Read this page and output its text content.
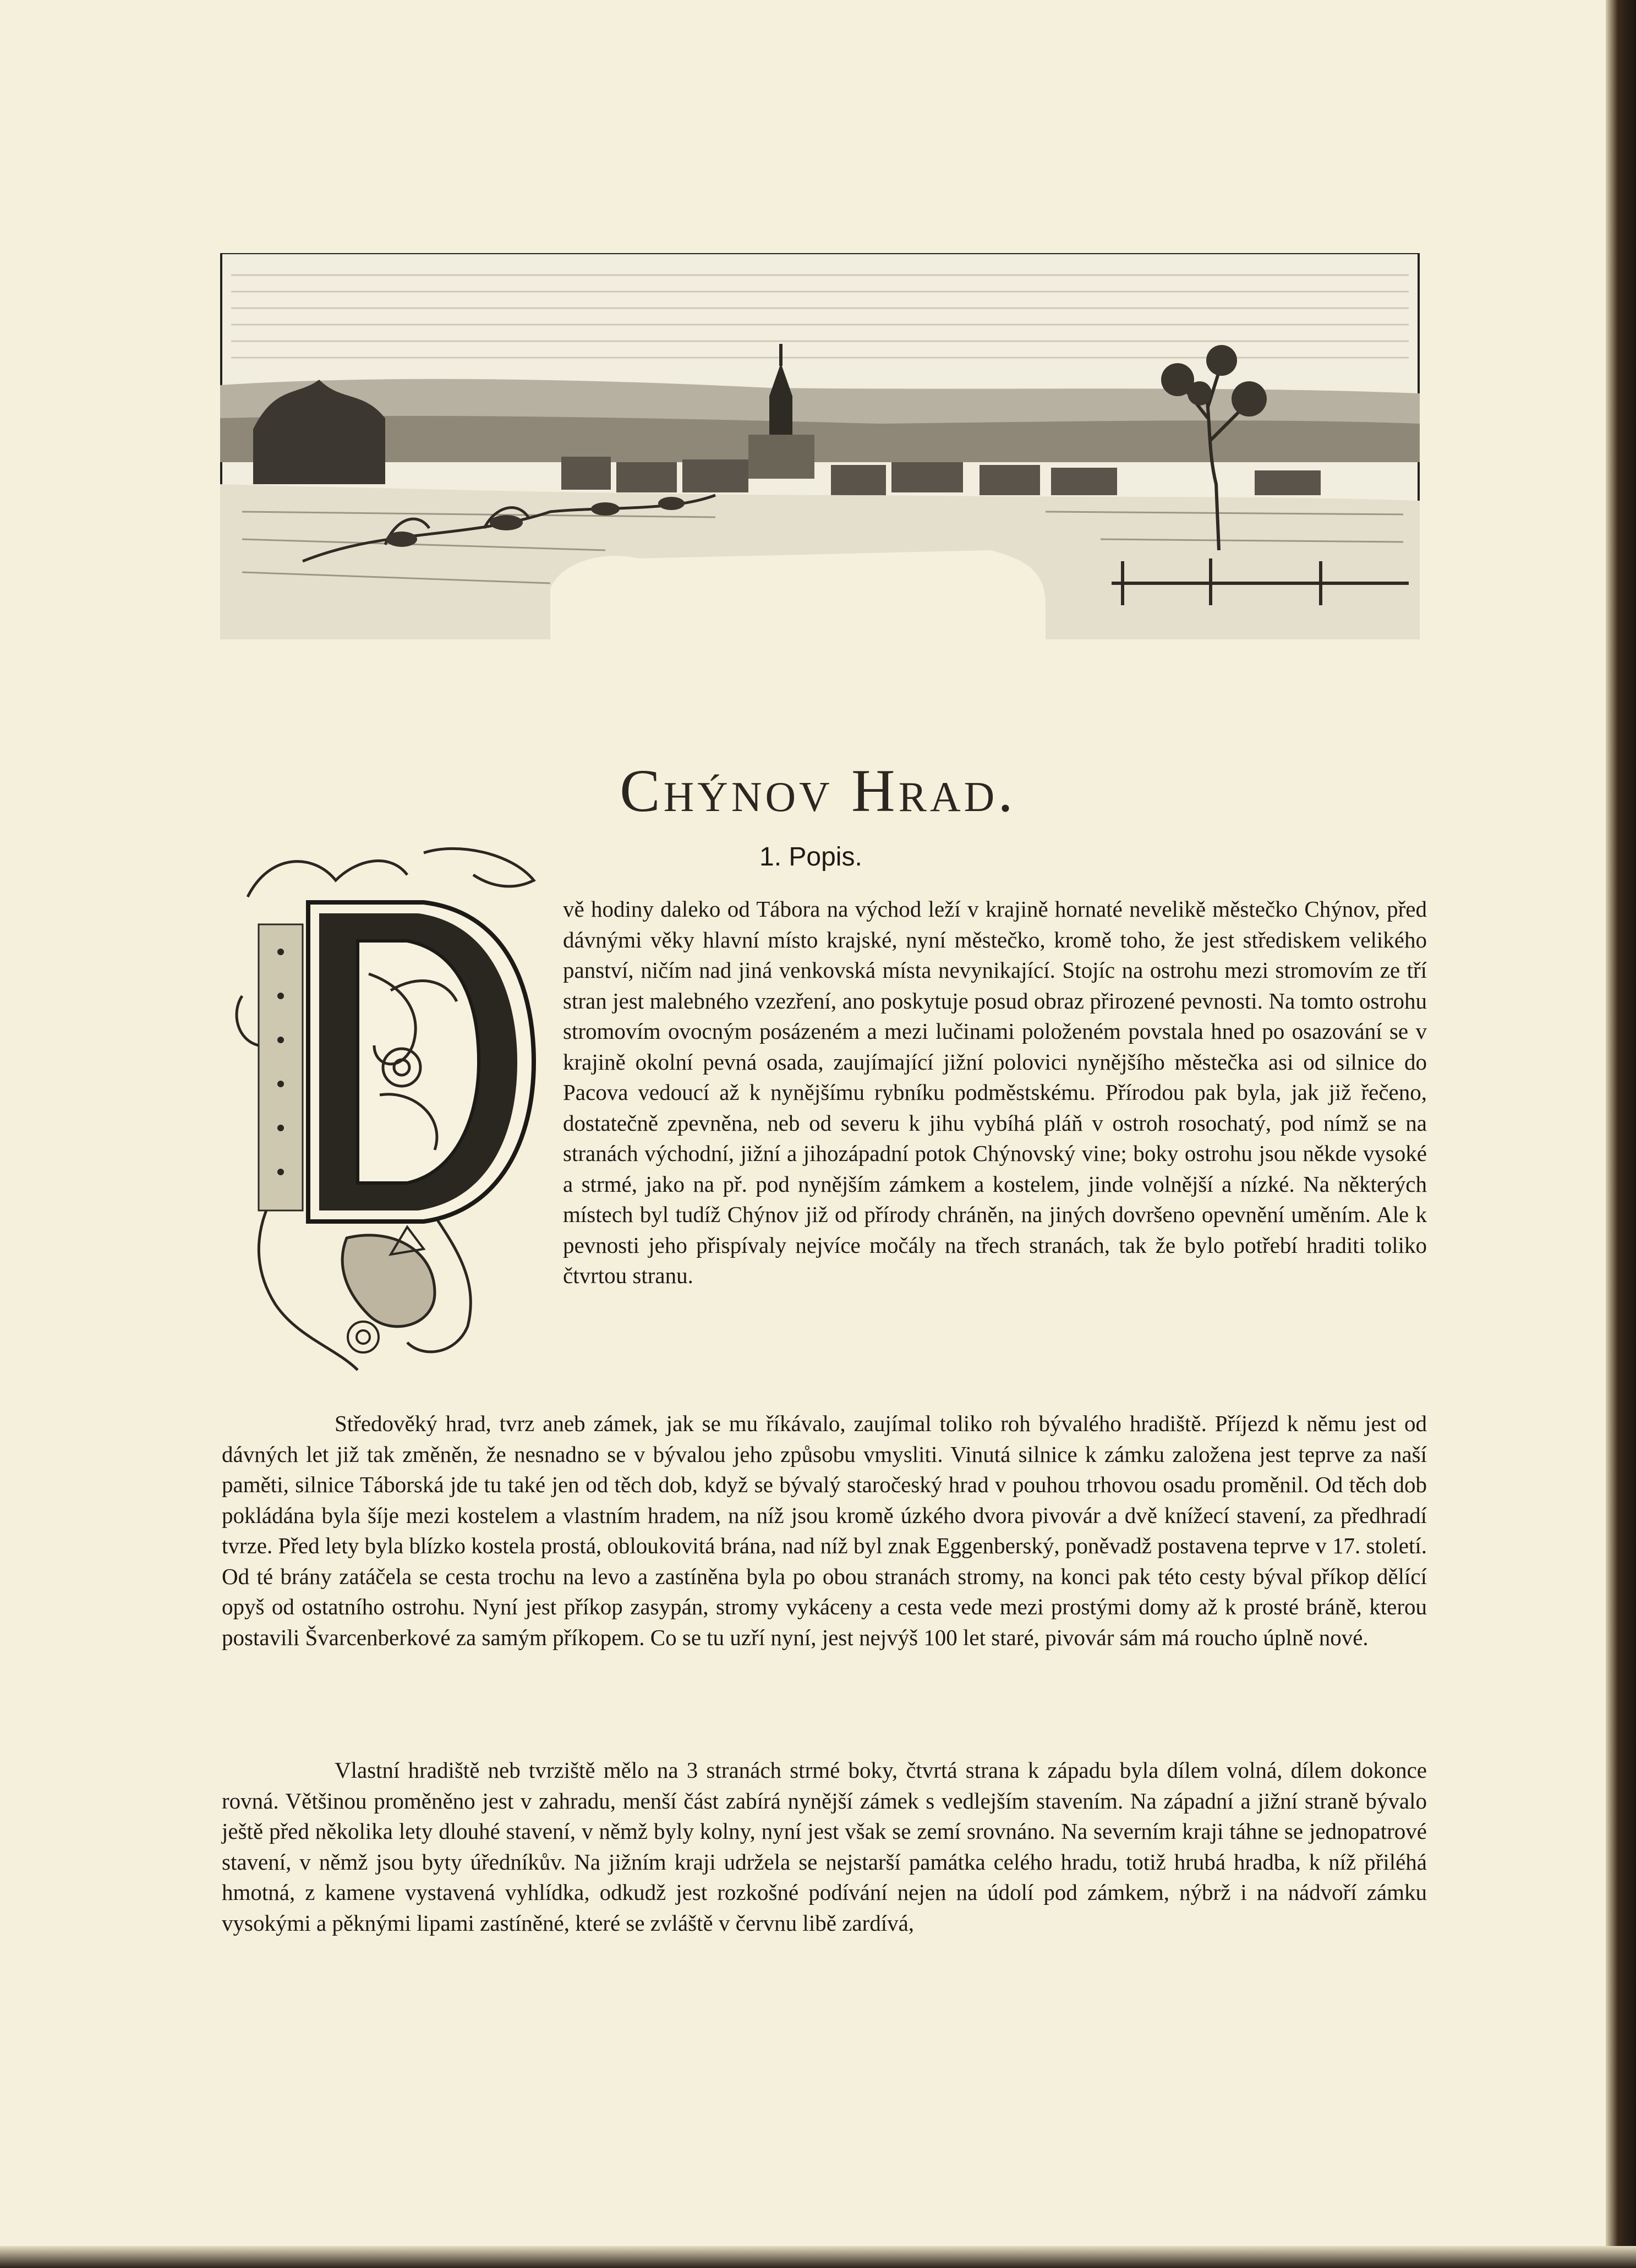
Chýnov Hrad.
1. Popis.

vě hodiny daleko od Tábora na východ leží v krajině hornaté nevelikě městečko Chýnov, před dávnými věky hlavní místo krajské, nyní městečko, kromě toho, že jest střediskem velikého panství, ničím nad jiná venkovská místa nevynikající. Stojíc na ostrohu mezi stromovím ze tří stran jest malebného vzezření, ano poskytuje posud obraz přirozené pevnosti. Na tomto ostrohu stromovím ovocným posázeném a mezi lučinami položeném povstala hned po osazování se v krajině okolní pevná osada, zaujímající jižní polovici nynějšího městečka asi od silnice do Pacova vedoucí až k nynějšímu rybníku podměstskému. Přírodou pak byla, jak již řečeno, dostatečně zpevněna, neb od severu k jihu vybíhá pláň v ostroh rosochatý, pod nímž se na stranách východní, jižní a jihozápadní potok Chýnovský vine; boky ostrohu jsou někde vysoké a strmé, jako na př. pod nynějším zámkem a kostelem, jinde volnější a nízké. Na některých místech byl tudíž Chýnov již od přírody chráněn, na jiných dovršeno opevnění uměním. Ale k pevnosti jeho přispívaly nejvíce močály na třech stranách, tak že bylo potřebí hraditi toliko čtvrtou stranu.

Středověký hrad, tvrz aneb zámek, jak se mu říkávalo, zaujímal toliko roh bývalého hradiště. Příjezd k němu jest od dávných let již tak změněn, že nesnadno se v bývalou jeho způsobu vmysliti. Vinutá silnice k zámku založena jest teprve za naší paměti, silnice Táborská jde tu také jen od těch dob, když se bývalý staročeský hrad v pouhou trhovou osadu proměnil. Od těch dob pokládána byla šíje mezi kostelem a vlastním hradem, na níž jsou kromě úzkého dvora pivovár a dvě knížecí stavení, za předhradí tvrze. Před lety byla blízko kostela prostá, obloukovitá brána, nad níž byl znak Eggenberský, poněvadž postavena teprve v 17. století. Od té brány zatáčela se cesta trochu na levo a zastíněna byla po obou stranách stromy, na konci pak této cesty býval příkop dělící opyš od ostatního ostrohu. Nyní jest příkop zasypán, stromy vykáceny a cesta vede mezi prostými domy až k prosté bráně, kterou postavili Švarcenberkové za samým příkopem. Co se tu uzří nyní, jest nejvýš 100 let staré, pivovár sám má roucho úplně nové.

Vlastní hradiště neb tvrziště mělo na 3 stranách strmé boky, čtvrtá strana k západu byla dílem volná, dílem dokonce rovná. Většinou proměněno jest v zahradu, menší část zabírá nynější zámek s vedlejším stavením. Na západní a jižní straně bývalo ještě před několika lety dlouhé stavení, v němž byly kolny, nyní jest však se zemí srovnáno. Na severním kraji táhne se jednopatrové stavení, v němž jsou byty úředníkův. Na jižním kraji udržela se nejstarší památka celého hradu, totiž hrubá hradba, k níž přiléhá hmotná, z kamene vystavená vyhlídka, odkudž jest rozkošné podívání nejen na údolí pod zámkem, nýbrž i na nádvoří zámku vysokými a pěknými lipami zastíněné, které se zvláště v červnu libě zardívá,
